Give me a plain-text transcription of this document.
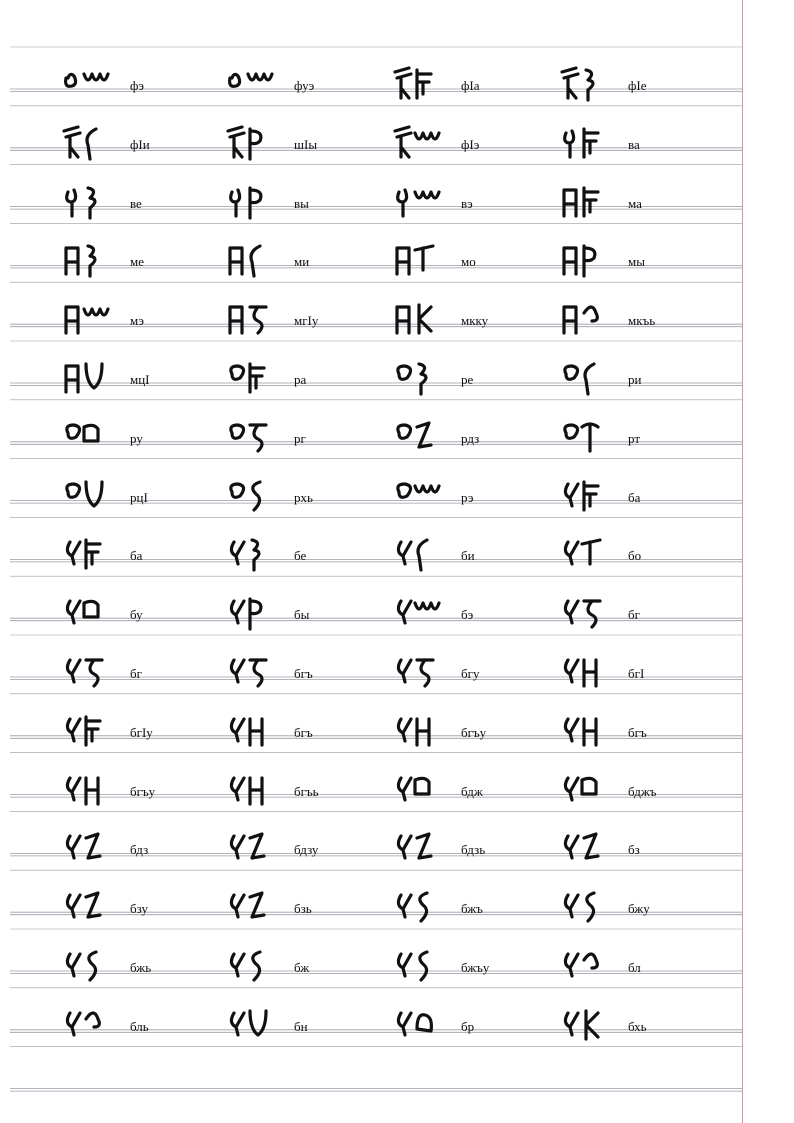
фэ	фуэ	фIа	фIе
фIи	шIы	фIэ	ва
ве	вы	вэ	ма
ме	ми	мо	мы
мэ	мгIу	мкку	мкъь
мцI	ра	ре	ри
ру	рг	рдз	рт
рцI	рхь	рэ	ба
ба	бе	би	бо
бу	бы	бэ	бг
бг	бгъ	бгу	бгI
бгIу	бгъ	бгъу	бгъ
бгъу	бгъь	бдж	бджъ
бдз	бдзу	бдзь	бз
бзу	бзь	бжъ	бжу
бжь	бж	бжъу	бл
бль	бн	бр	бхь
